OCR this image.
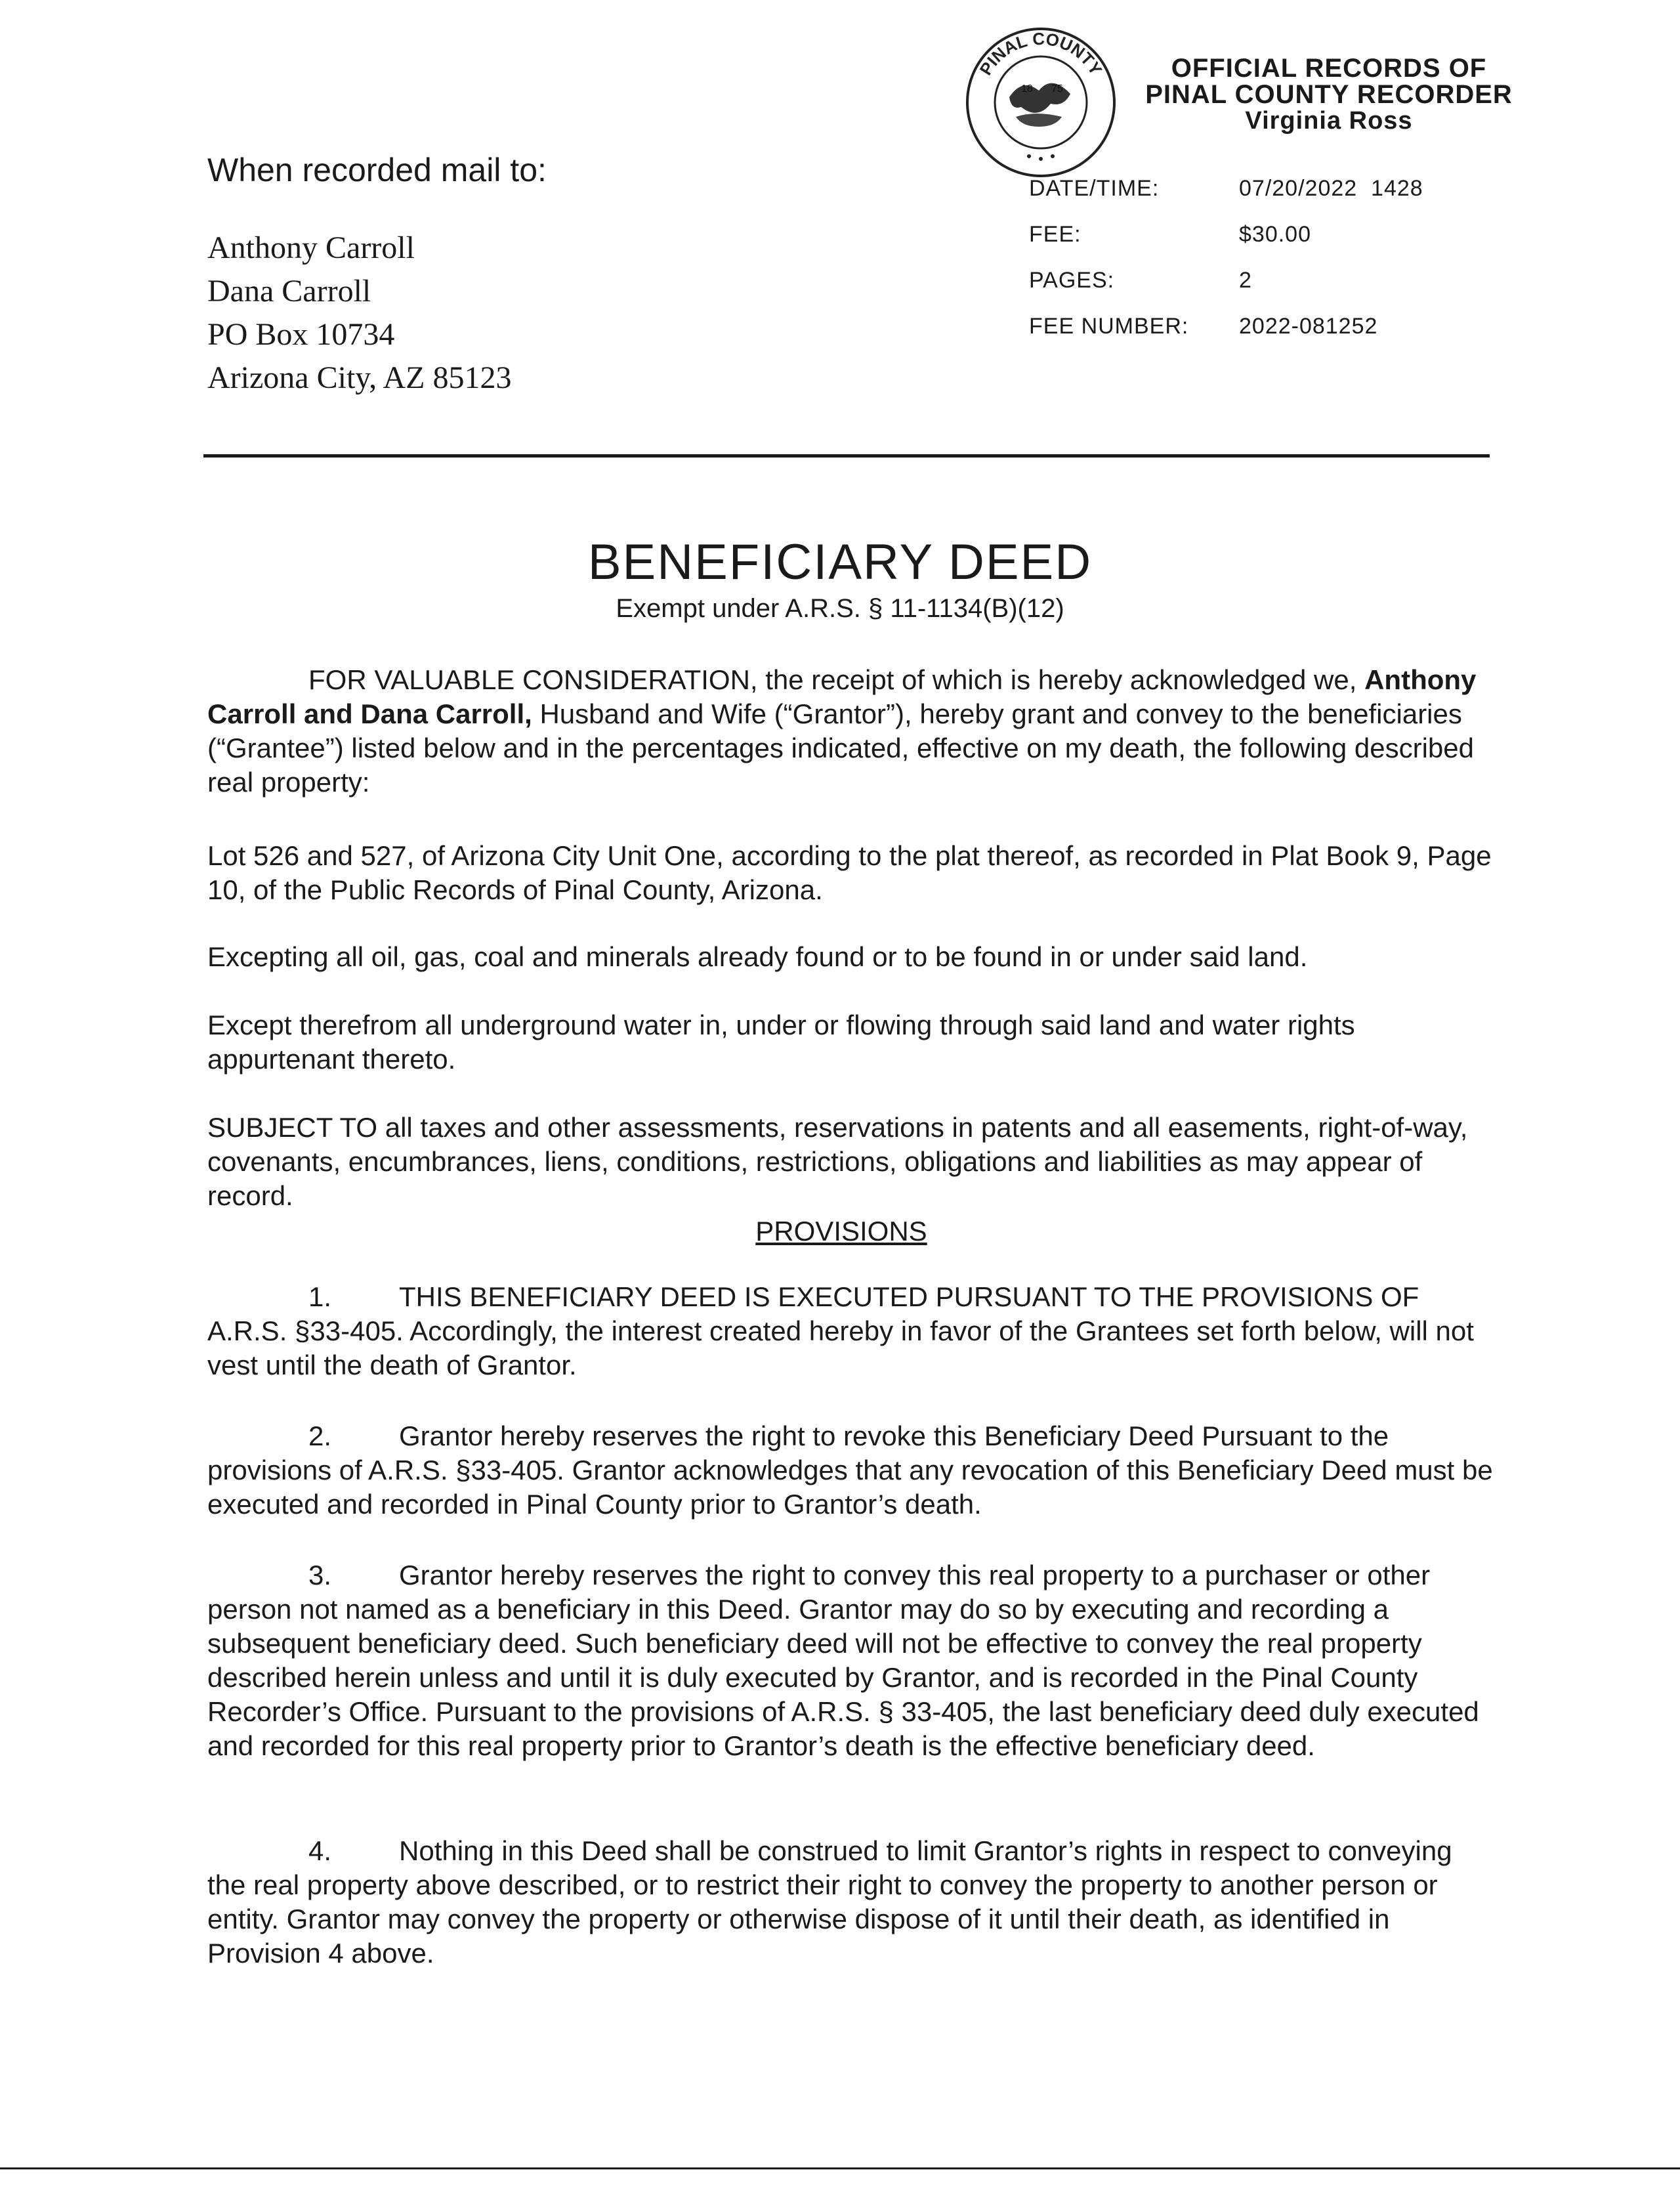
PINAL COUNTY
18 75
OFFICIAL RECORDS OF
PINAL COUNTY RECORDER
Virginia Ross
DATE/TIME:	07/20/2022  1428
FEE:	$30.00
PAGES:	2
FEE NUMBER:	2022-081252
When recorded mail to:
Anthony Carroll
Dana Carroll
PO Box 10734
Arizona City, AZ 85123
BENEFICIARY DEED
Exempt under A.R.S. § 11-1134(B)(12)
FOR VALUABLE CONSIDERATION, the receipt of which is hereby acknowledged we, Anthony Carroll and Dana Carroll, Husband and Wife (“Grantor”), hereby grant and convey to the beneficiaries (“Grantee”) listed below and in the percentages indicated, effective on my death, the following described real property:
Lot 526 and 527, of Arizona City Unit One, according to the plat thereof, as recorded in Plat Book 9, Page 10, of the Public Records of Pinal County, Arizona.
Excepting all oil, gas, coal and minerals already found or to be found in or under said land.
Except therefrom all underground water in, under or flowing through said land and water rights appurtenant thereto.
SUBJECT TO all taxes and other assessments, reservations in patents and all easements, right-of-way, covenants, encumbrances, liens, conditions, restrictions, obligations and liabilities as may appear of record.
PROVISIONS
1. THIS BENEFICIARY DEED IS EXECUTED PURSUANT TO THE PROVISIONS OF A.R.S. §33-405. Accordingly, the interest created hereby in favor of the Grantees set forth below, will not vest until the death of Grantor.
2. Grantor hereby reserves the right to revoke this Beneficiary Deed Pursuant to the provisions of A.R.S. §33-405. Grantor acknowledges that any revocation of this Beneficiary Deed must be executed and recorded in Pinal County prior to Grantor’s death.
3. Grantor hereby reserves the right to convey this real property to a purchaser or other person not named as a beneficiary in this Deed. Grantor may do so by executing and recording a subsequent beneficiary deed. Such beneficiary deed will not be effective to convey the real property described herein unless and until it is duly executed by Grantor, and is recorded in the Pinal County Recorder’s Office. Pursuant to the provisions of A.R.S. § 33-405, the last beneficiary deed duly executed and recorded for this real property prior to Grantor’s death is the effective beneficiary deed.
4. Nothing in this Deed shall be construed to limit Grantor’s rights in respect to conveying the real property above described, or to restrict their right to convey the property to another person or entity. Grantor may convey the property or otherwise dispose of it until their death, as identified in Provision 4 above.
